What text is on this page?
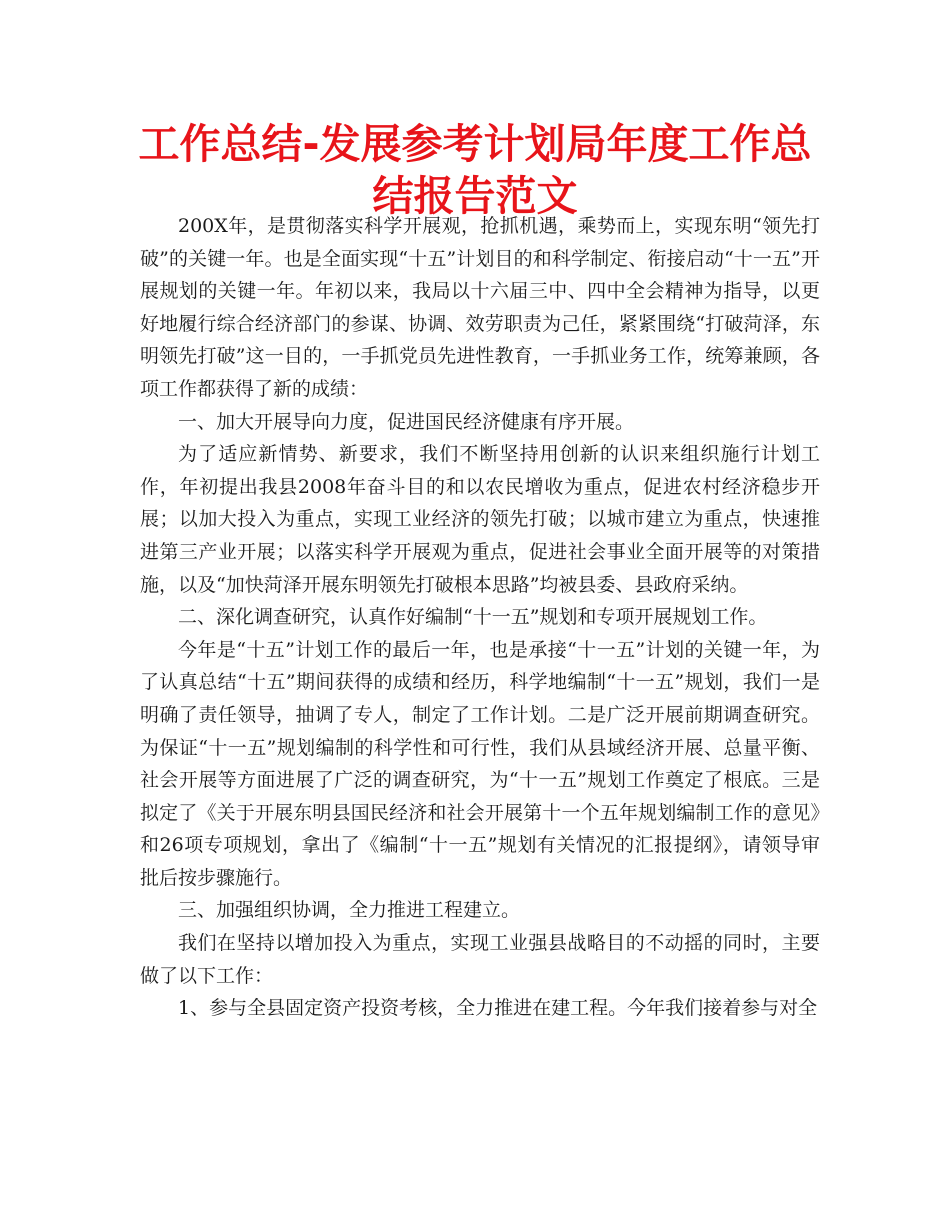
工作总结-发展参考计划局年度工作总结报告范文

200X年，是贯彻落实科学开展观，抢抓机遇，乘势而上，实现东明“领先打破”的关键一年。也是全面实现“十五”计划目的和科学制定、衔接启动“十一五”开展规划的关键一年。年初以来，我局以十六届三中、四中全会精神为指导，以更好地履行综合经济部门的参谋、协调、效劳职责为己任，紧紧围绕“打破菏泽，东明领先打破”这一目的，一手抓党员先进性教育，一手抓业务工作，统筹兼顾，各项工作都获得了新的成绩：

一、加大开展导向力度，促进国民经济健康有序开展。

为了适应新情势、新要求，我们不断坚持用创新的认识来组织施行计划工作，年初提出我县2008年奋斗目的和以农民增收为重点，促进农村经济稳步开展；以加大投入为重点，实现工业经济的领先打破；以城市建立为重点，快速推进第三产业开展；以落实科学开展观为重点，促进社会事业全面开展等的对策措施，以及“加快菏泽开展东明领先打破根本思路”均被县委、县政府采纳。

二、深化调查研究，认真作好编制“十一五”规划和专项开展规划工作。

今年是“十五”计划工作的最后一年，也是承接“十一五”计划的关键一年，为了认真总结“十五”期间获得的成绩和经历，科学地编制“十一五”规划，我们一是明确了责任领导，抽调了专人，制定了工作计划。二是广泛开展前期调查研究。为保证“十一五”规划编制的科学性和可行性，我们从县域经济开展、总量平衡、社会开展等方面进展了广泛的调查研究，为“十一五”规划工作奠定了根底。三是拟定了《关于开展东明县国民经济和社会开展第十一个五年规划编制工作的意见》和26项专项规划，拿出了《编制“十一五”规划有关情况的汇报提纲》，请领导审批后按步骤施行。

三、加强组织协调，全力推进工程建立。

我们在坚持以增加投入为重点，实现工业强县战略目的不动摇的同时，主要做了以下工作：

1、参与全县固定资产投资考核，全力推进在建工程。今年我们接着参与对全
